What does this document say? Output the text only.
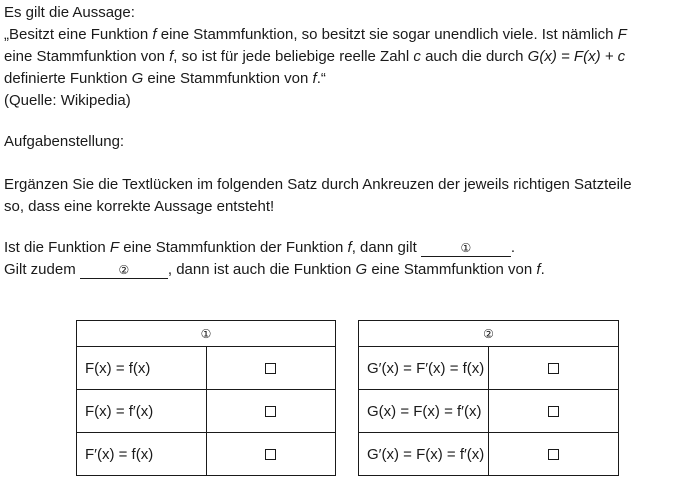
Es gilt die Aussage:
„Besitzt eine Funktion f eine Stammfunktion, so besitzt sie sogar unendlich viele. Ist nämlich F
eine Stammfunktion von f, so ist für jede beliebige reelle Zahl c auch die durch G(x) = F(x) + c
definierte Funktion G eine Stammfunktion von f.“
(Quelle: Wikipedia)
Aufgabenstellung:
Ergänzen Sie die Textlücken im folgenden Satz durch Ankreuzen der jeweils richtigen Satzteile
so, dass eine korrekte Aussage entsteht!
Ist die Funktion F eine Stammfunktion der Funktion f, dann gilt	①	.
Gilt zudem	②	, dann ist auch die Funktion G eine Stammfunktion von f.
①	
F(x) = f(x)	
F(x) = f′(x)	
F′(x) = f(x)	
②	
G′(x) = F′(x) = f(x)	
G(x) = F(x) = f′(x)	
G′(x) = F(x) = f′(x)	
